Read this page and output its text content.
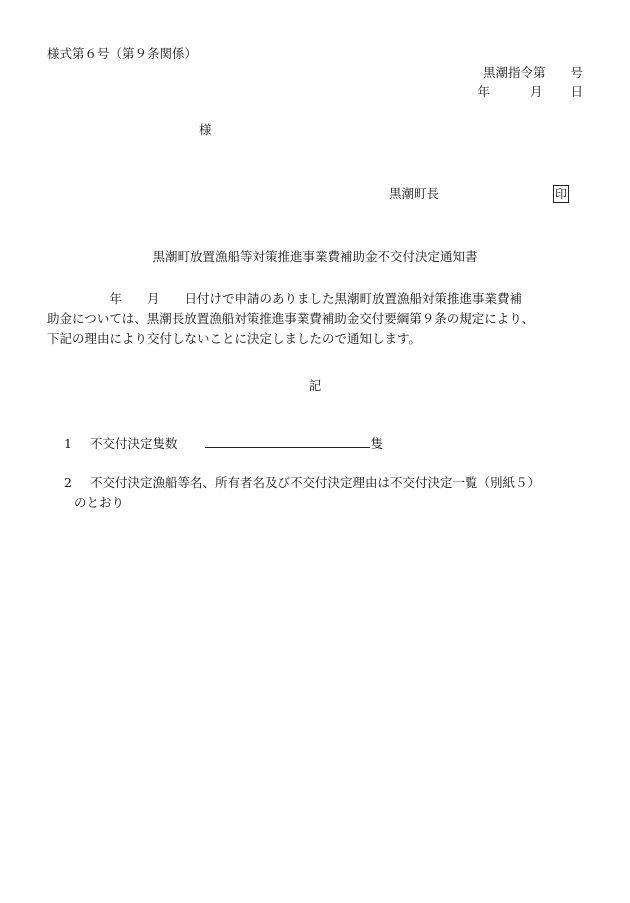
様式第６号（第９条関係）
黒潮指令第　　号
年	月 日
様
黒潮町長	印
黒潮町放置漁船等対策推進事業費補助金不交付決定通知書
　　　　　年　　月　　日付けで申請のありました黒潮町放置漁船対策推進事業費補
助金については、黒潮長放置漁船対策推進事業費補助金交付要綱第９条の規定により、
下記の理由により交付しないことに決定しましたので通知します。
記
1 不交付決定隻数	隻
2 不交付決定漁船等名、所有者名及び不交付決定理由は不交付決定一覧（別紙５）
のとおり
